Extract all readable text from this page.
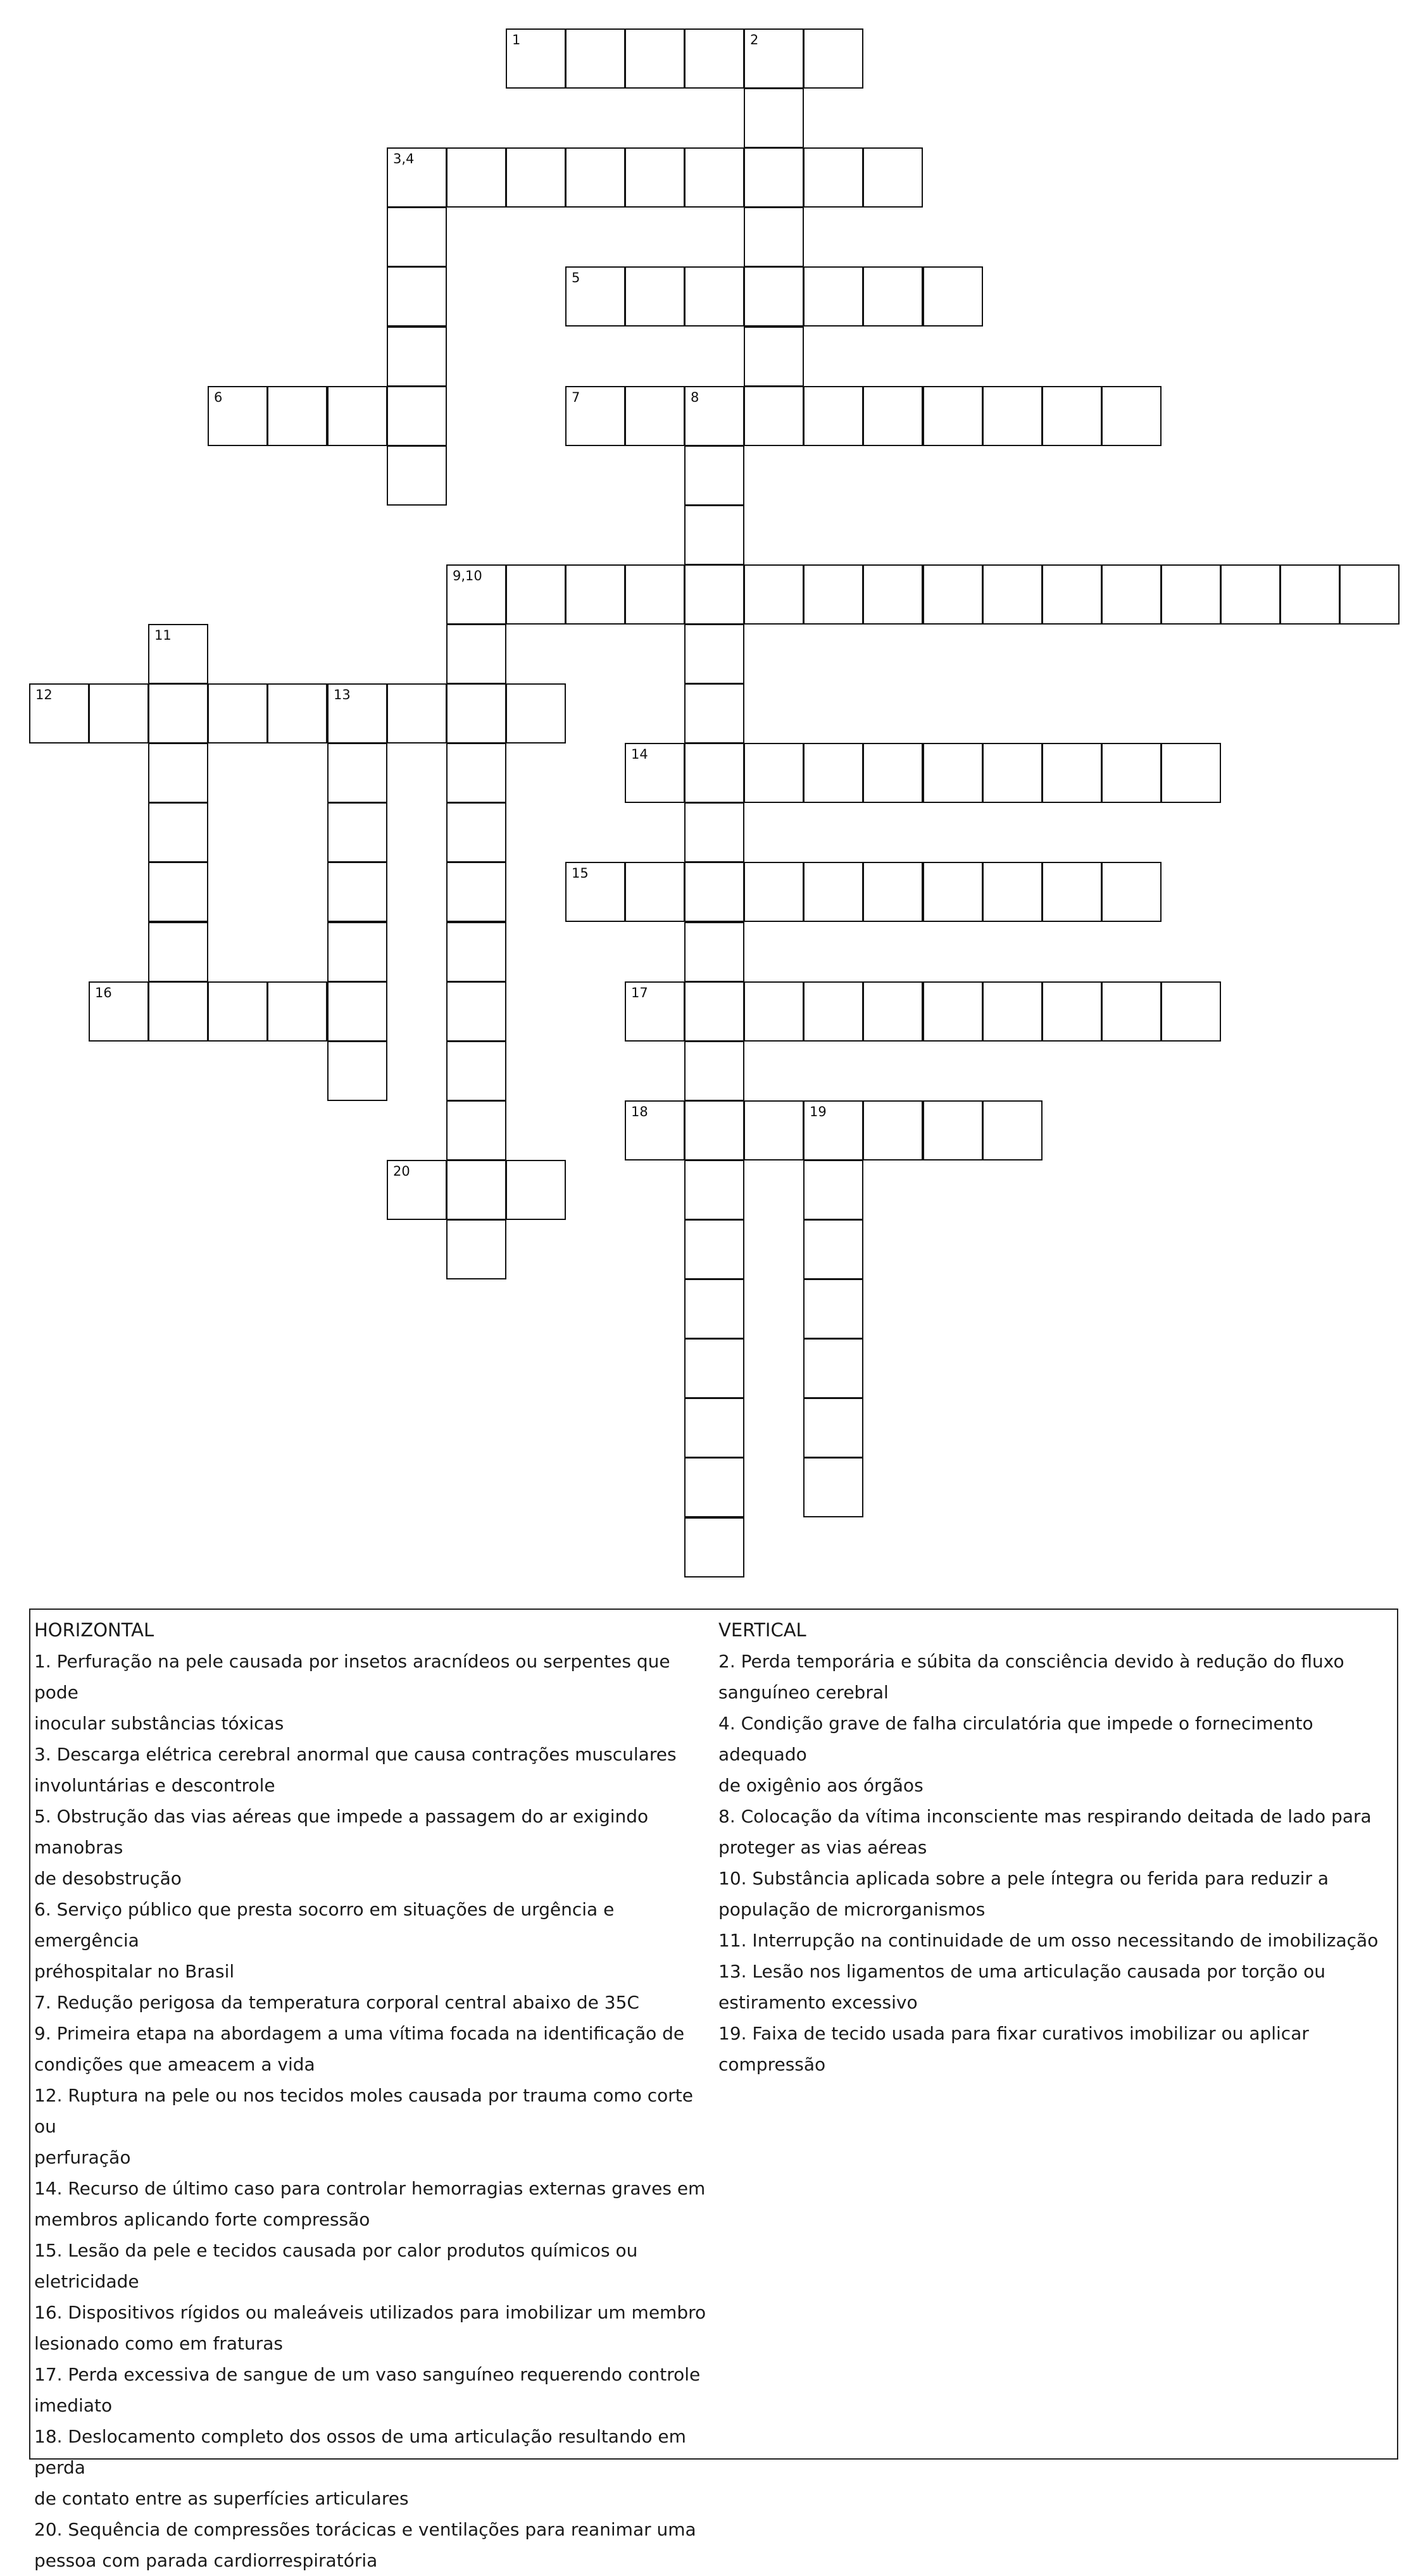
1	2
3,4
5
6	7	8
9,10
11
12	13
14
15
16	17
18	19
20

HORIZONTAL

1. Perfuração na pele causada por insetos aracnídeos ou serpentes que pode

inocular substâncias tóxicas

3. Descarga elétrica cerebral anormal que causa contrações musculares

involuntárias e descontrole

5. Obstrução das vias aéreas que impede a passagem do ar exigindo manobras

de desobstrução

6. Serviço público que presta socorro em situações de urgência e emergência

préhospitalar no Brasil

7. Redução perigosa da temperatura corporal central abaixo de 35C

9. Primeira etapa na abordagem a uma vítima focada na identificação de

condições que ameacem a vida

12. Ruptura na pele ou nos tecidos moles causada por trauma como corte ou

perfuração

14. Recurso de último caso para controlar hemorragias externas graves em

membros aplicando forte compressão

15. Lesão da pele e tecidos causada por calor produtos químicos ou

eletricidade

16. Dispositivos rígidos ou maleáveis utilizados para imobilizar um membro

lesionado como em fraturas

17. Perda excessiva de sangue de um vaso sanguíneo requerendo controle

imediato

18. Deslocamento completo dos ossos de uma articulação resultando em perda

de contato entre as superfícies articulares

20. Sequência de compressões torácicas e ventilações para reanimar uma

pessoa com parada cardiorrespiratória

VERTICAL

2. Perda temporária e súbita da consciência devido à redução do fluxo

sanguíneo cerebral

4. Condição grave de falha circulatória que impede o fornecimento adequado

de oxigênio aos órgãos

8. Colocação da vítima inconsciente mas respirando deitada de lado para

proteger as vias aéreas

10. Substância aplicada sobre a pele íntegra ou ferida para reduzir a

população de microrganismos

11. Interrupção na continuidade de um osso necessitando de imobilização

13. Lesão nos ligamentos de uma articulação causada por torção ou

estiramento excessivo

19. Faixa de tecido usada para fixar curativos imobilizar ou aplicar compressão
